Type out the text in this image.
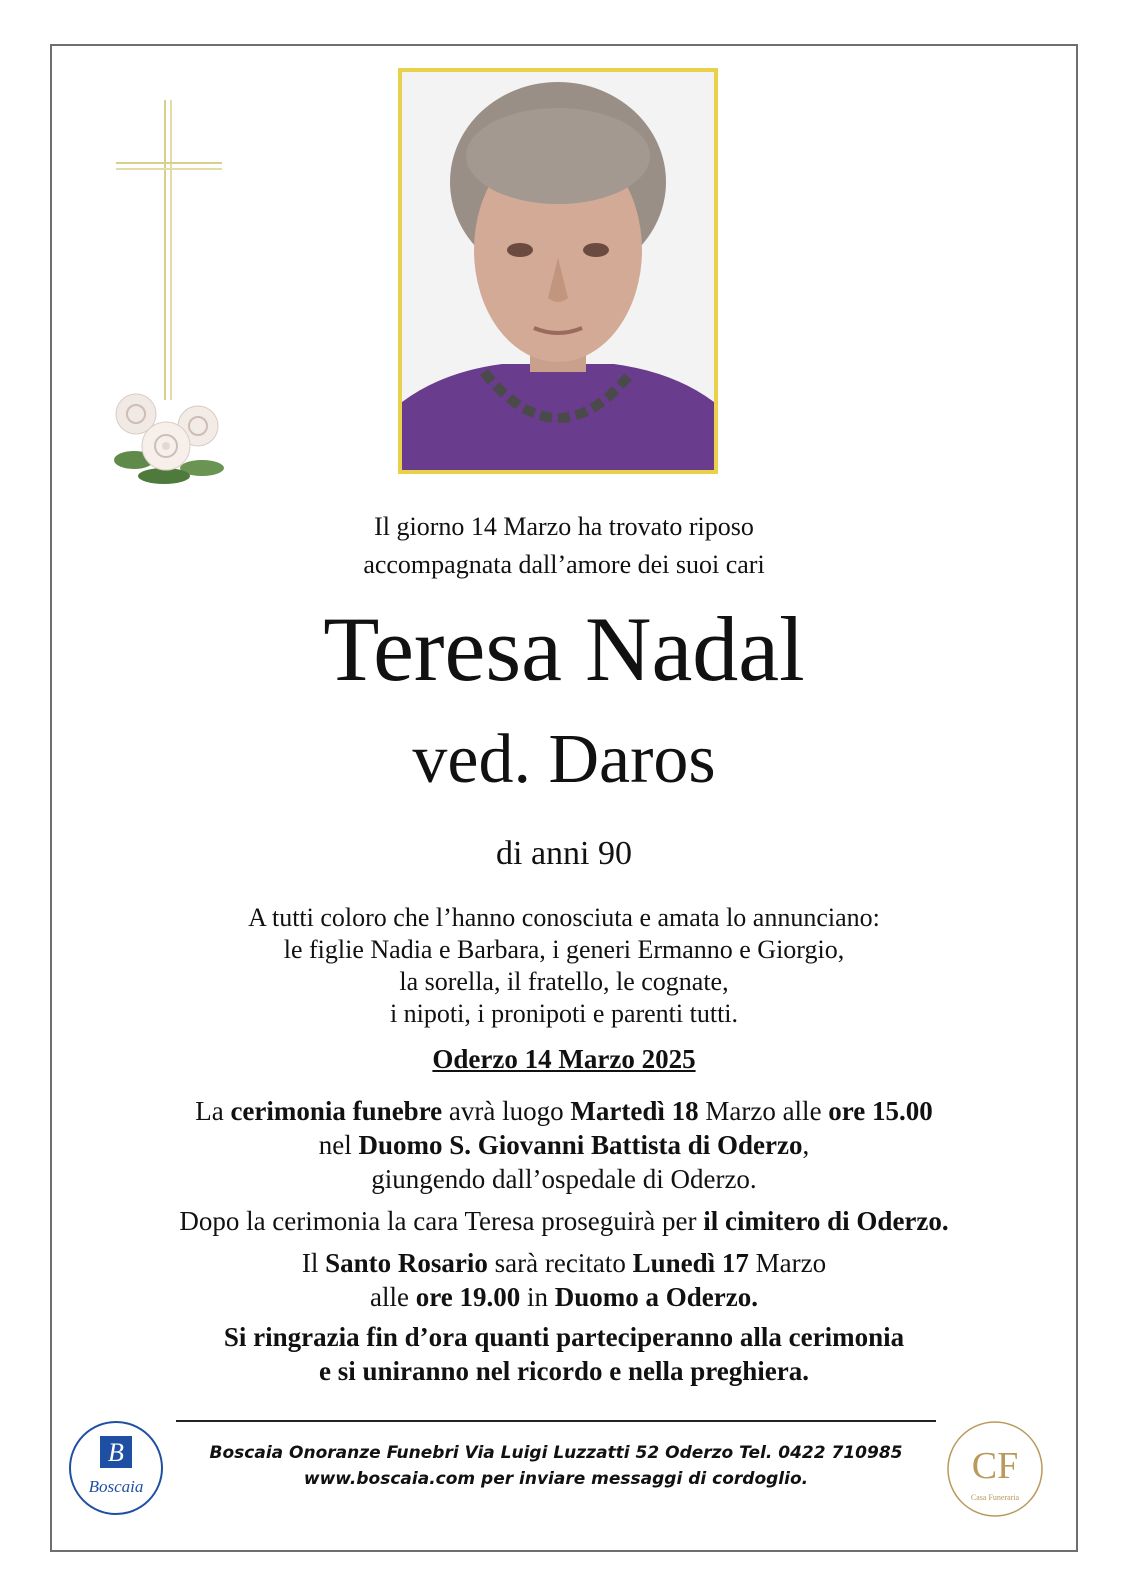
Il giorno 14 Marzo ha trovato riposo
accompagnata dall’amore dei suoi cari
Teresa Nadal
ved. Daros
di anni 90
A tutti coloro che l’hanno conosciuta e amata lo annunciano:
le figlie Nadia e Barbara, i generi Ermanno e Giorgio,
la sorella, il fratello, le cognate,
i nipoti, i pronipoti e parenti tutti.
Oderzo 14 Marzo 2025
La cerimonia funebre avrà luogo Martedì 18 Marzo alle ore 15.00
nel Duomo S. Giovanni Battista di Oderzo,
giungendo dall’ospedale di Oderzo.
Dopo la cerimonia la cara Teresa proseguirà per il cimitero di Oderzo.
Il Santo Rosario sarà recitato Lunedì 17 Marzo
alle ore 19.00 in Duomo a Oderzo.
Si ringrazia fin d’ora quanti parteciperanno alla cerimonia
e si uniranno nel ricordo e nella preghiera.
B
Boscaia
Boscaia Onoranze Funebri Via Luigi Luzzatti 52 Oderzo Tel. 0422 710985
www.boscaia.com per inviare messaggi di cordoglio.	CF
Casa Funeraria
